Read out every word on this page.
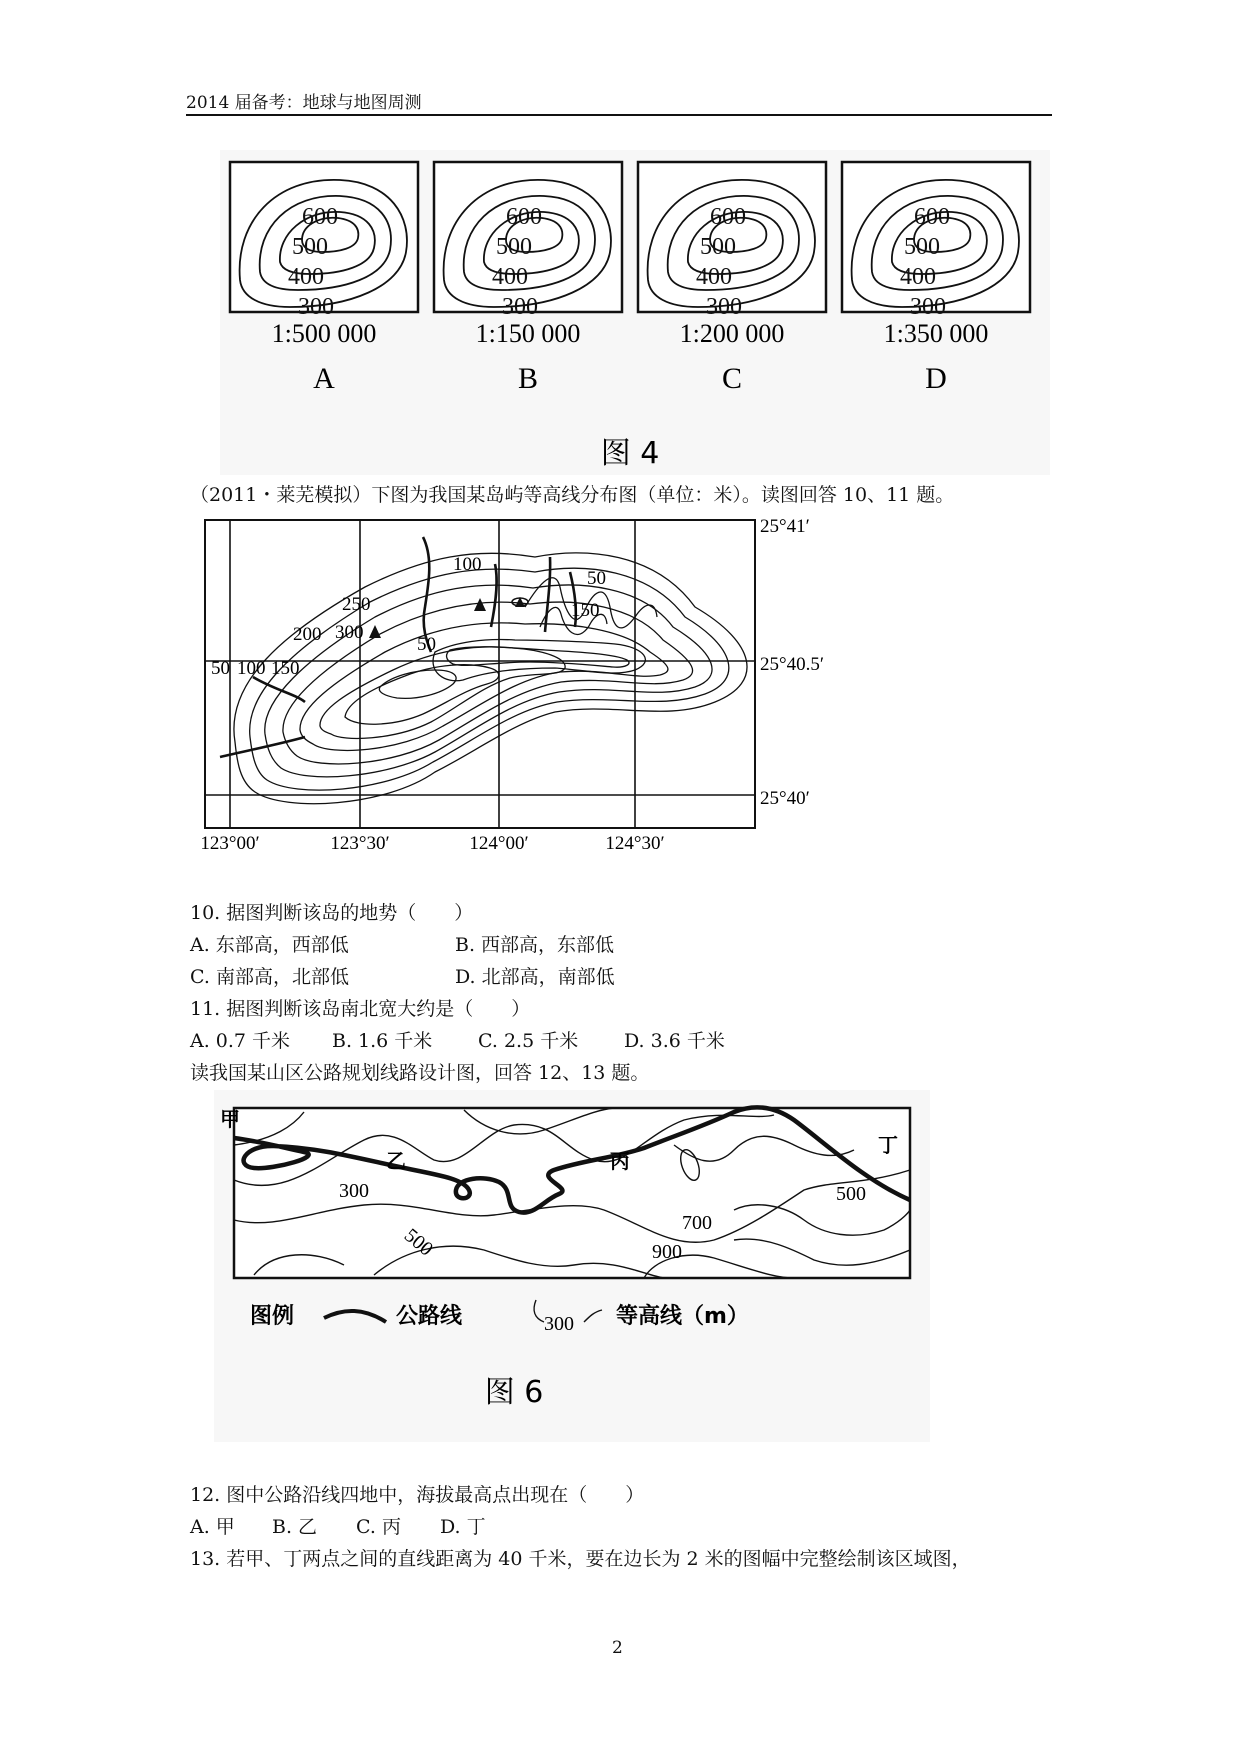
2014 届备考：地球与地图周测
600
500
400
300
1:500 000
A
600
500
400
300
1:150 000
B
600
500
400
300
1:200 000
C
600
500
400
300
1:350 000
D
图 4
（2011・莱芜模拟）下图为我国某岛屿等高线分布图（单位：米）。读图回答 10、11 题。
100
50
250
300
200
150
50
50 100 150
25°41′
25°40.5′
25°40′
123°00′	123°30′	124°00′	124°30′
10. 据图判断该岛的地势（　　）
A. 东部高，西部低	B. 西部高，东部低
C. 南部高，北部低	D. 北部高，南部低
11. 据图判断该岛南北宽大约是（　　）
A. 0.7 千米 B. 1.6 千米 C. 2.5 千米 D. 3.6 千米
读我国某山区公路规划线路设计图，回答 12、13 题。
甲
乙	丙
丁
300
500
500
700
900
图例	公路线	300 等高线（m）
图 6
12. 图中公路沿线四地中，海拔最高点出现在（　　）
A. 甲 B. 乙 C. 丙 D. 丁
13. 若甲、丁两点之间的直线距离为 40 千米，要在边长为 2 米的图幅中完整绘制该区域图，
2
